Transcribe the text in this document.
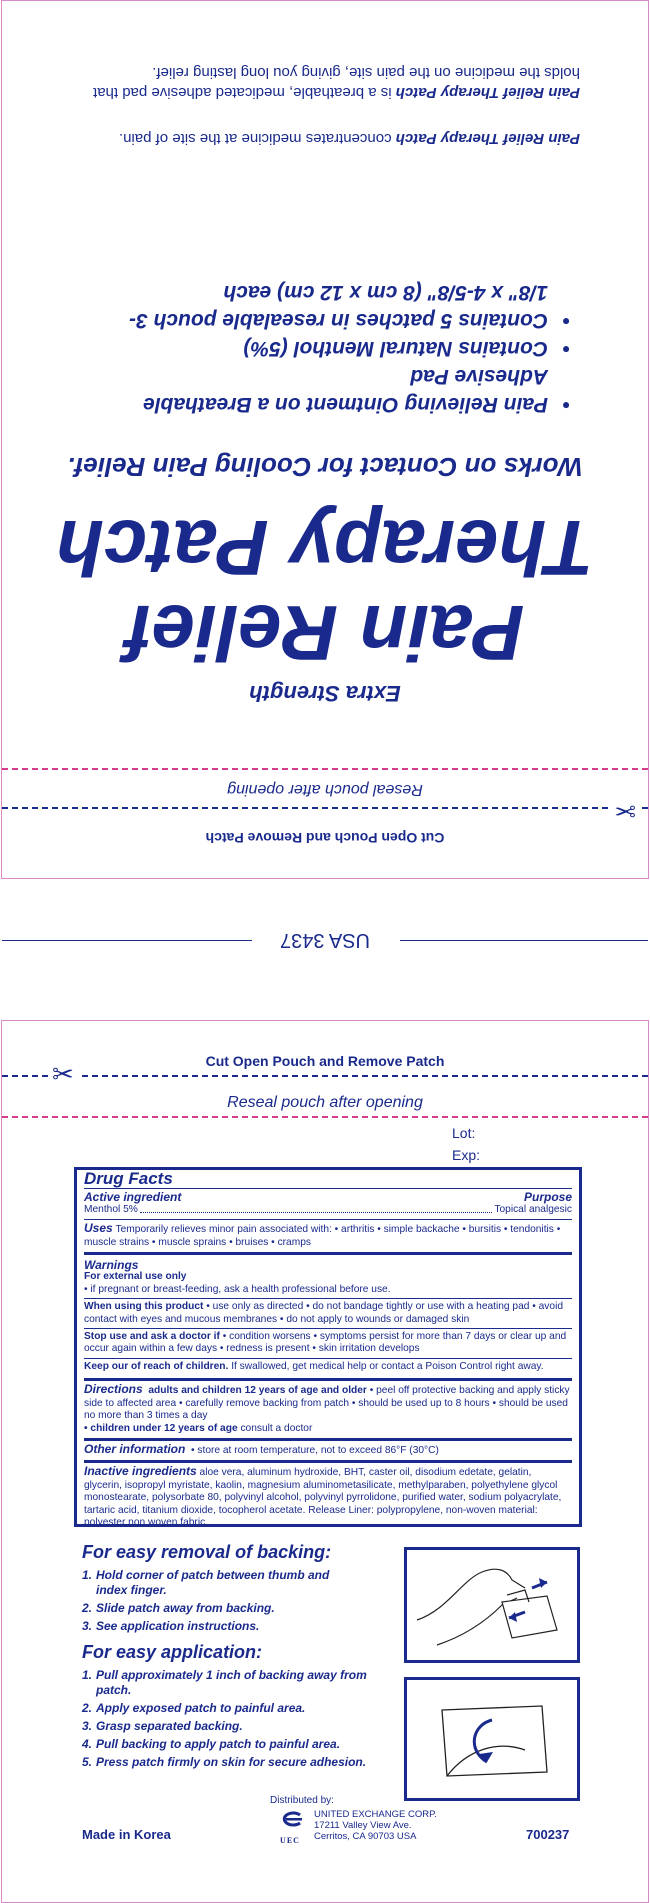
✂
Cut Open Pouch and Remove Patch
Reseal pouch after opening
Extra Strength
Pain Relief
Therapy Patch
Works on Contact for Cooling Pain Relief.
• Pain Relieving Ointment on a Breathable Adhesive Pad
• Contains Natural Menthol (5%)
• Contains 5 patches in resealable pouch 3-1/8" x 4-5/8" (8 cm x 12 cm) each
Pain Relief Therapy Patch concentrates medicine at the site of pain.
Pain Relief Therapy Patch is a breathable, medicated adhesive pad that holds the medicine on the pain site, giving you long lasting relief.
USA 3437
Cut Open Pouch and Remove Patch
✂
Reseal pouch after opening
Lot:
Exp:
Drug Facts
Active ingredient	Purpose
Menthol 5%	Topical analgesic
Uses Temporarily relieves minor pain associated with: • arthritis • simple backache • bursitis • tendonitis • muscle strains • muscle sprains • bruises • cramps
Warnings
For external use only
• if pregnant or breast-feeding, ask a health professional before use.
When using this product • use only as directed • do not bandage tightly or use with a heating pad • avoid contact with eyes and mucous membranes • do not apply to wounds or damaged skin
Stop use and ask a doctor if • condition worsens • symptoms persist for more than 7 days or clear up and occur again within a few days • redness is present • skin irritation develops
Keep our of reach of children. If swallowed, get medical help or contact a Poison Control right away.
Directions adults and children 12 years of age and older • peel off protective backing and apply sticky side to affected area • carefully remove backing from patch • should be used up to 8 hours • should be used no more than 3 times a day
• children under 12 years of age consult a doctor
Other information • store at room temperature, not to exceed 86°F (30°C)
Inactive ingredients aloe vera, aluminum hydroxide, BHT, caster oil, disodium edetate, gelatin, glycerin, isopropyl myristate, kaolin, magnesium aluminometasilicate, methylparaben, polyethylene glycol monostearate, polysorbate 80, polyvinyl alcohol, polyvinyl pyrrolidone, purified water, sodium polyacrylate, tartaric acid, titanium dioxide, tocopherol acetate. Release Liner: polypropylene, non-woven material: polyester non woven fabric.
For easy removal of backing:
1. Hold corner of patch between thumb and index finger.
2. Slide patch away from backing.
3. See application instructions.
For easy application:
1. Pull approximately 1 inch of backing away from patch.
2. Apply exposed patch to painful area.
3. Grasp separated backing.
4. Pull backing to apply patch to painful area.
5. Press patch firmly on skin for secure adhesion.
Distributed by:
UEC
UNITED EXCHANGE CORP.
17211 Valley View Ave.
Cerritos, CA 90703 USA
Made in Korea	700237
